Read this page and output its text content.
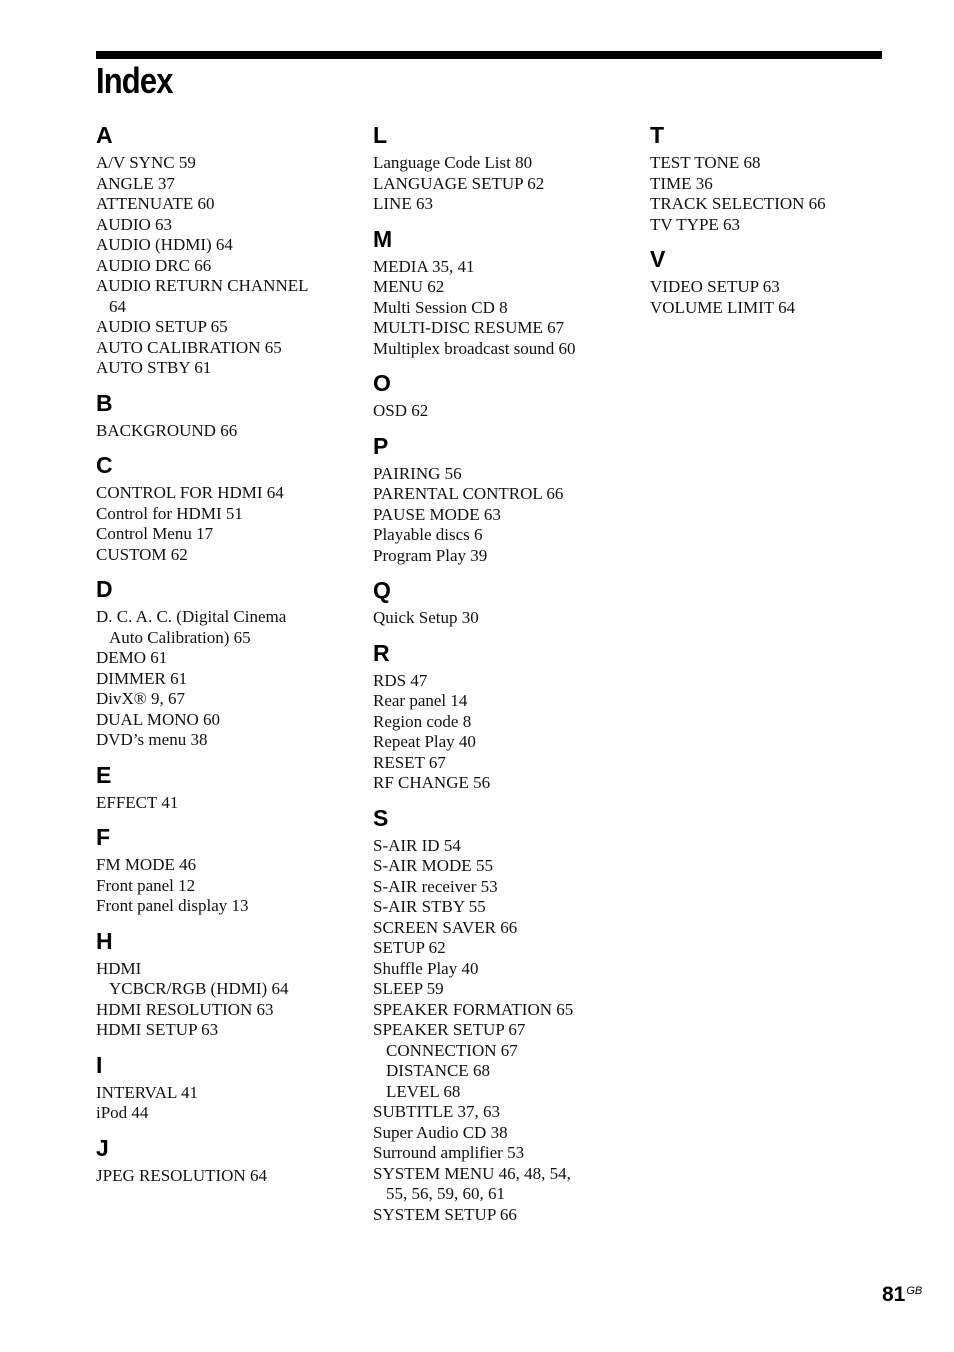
Index
A
A/V SYNC 59
ANGLE 37
ATTENUATE 60
AUDIO 63
AUDIO (HDMI) 64
AUDIO DRC 66
AUDIO RETURN CHANNEL
64
AUDIO SETUP 65
AUTO CALIBRATION 65
AUTO STBY 61
B
BACKGROUND 66
C
CONTROL FOR HDMI 64
Control for HDMI 51
Control Menu 17
CUSTOM 62
D
D. C. A. C. (Digital Cinema
Auto Calibration) 65
DEMO 61
DIMMER 61
DivX® 9, 67
DUAL MONO 60
DVD’s menu 38
E
EFFECT 41
F
FM MODE 46
Front panel 12
Front panel display 13
H
HDMI
YCBCR/RGB (HDMI) 64
HDMI RESOLUTION 63
HDMI SETUP 63
I
INTERVAL 41
iPod 44
J
JPEG RESOLUTION 64
L
Language Code List 80
LANGUAGE SETUP 62
LINE 63
M
MEDIA 35, 41
MENU 62
Multi Session CD 8
MULTI-DISC RESUME 67
Multiplex broadcast sound 60
O
OSD 62
P
PAIRING 56
PARENTAL CONTROL 66
PAUSE MODE 63
Playable discs 6
Program Play 39
Q
Quick Setup 30
R
RDS 47
Rear panel 14
Region code 8
Repeat Play 40
RESET 67
RF CHANGE 56
S
S-AIR ID 54
S-AIR MODE 55
S-AIR receiver 53
S-AIR STBY 55
SCREEN SAVER 66
SETUP 62
Shuffle Play 40
SLEEP 59
SPEAKER FORMATION 65
SPEAKER SETUP 67
CONNECTION 67
DISTANCE 68
LEVEL 68
SUBTITLE 37, 63
Super Audio CD 38
Surround amplifier 53
SYSTEM MENU 46, 48, 54,
55, 56, 59, 60, 61
SYSTEM SETUP 66
T
TEST TONE 68
TIME 36
TRACK SELECTION 66
TV TYPE 63
V
VIDEO SETUP 63
VOLUME LIMIT 64
$81^{GB}$
